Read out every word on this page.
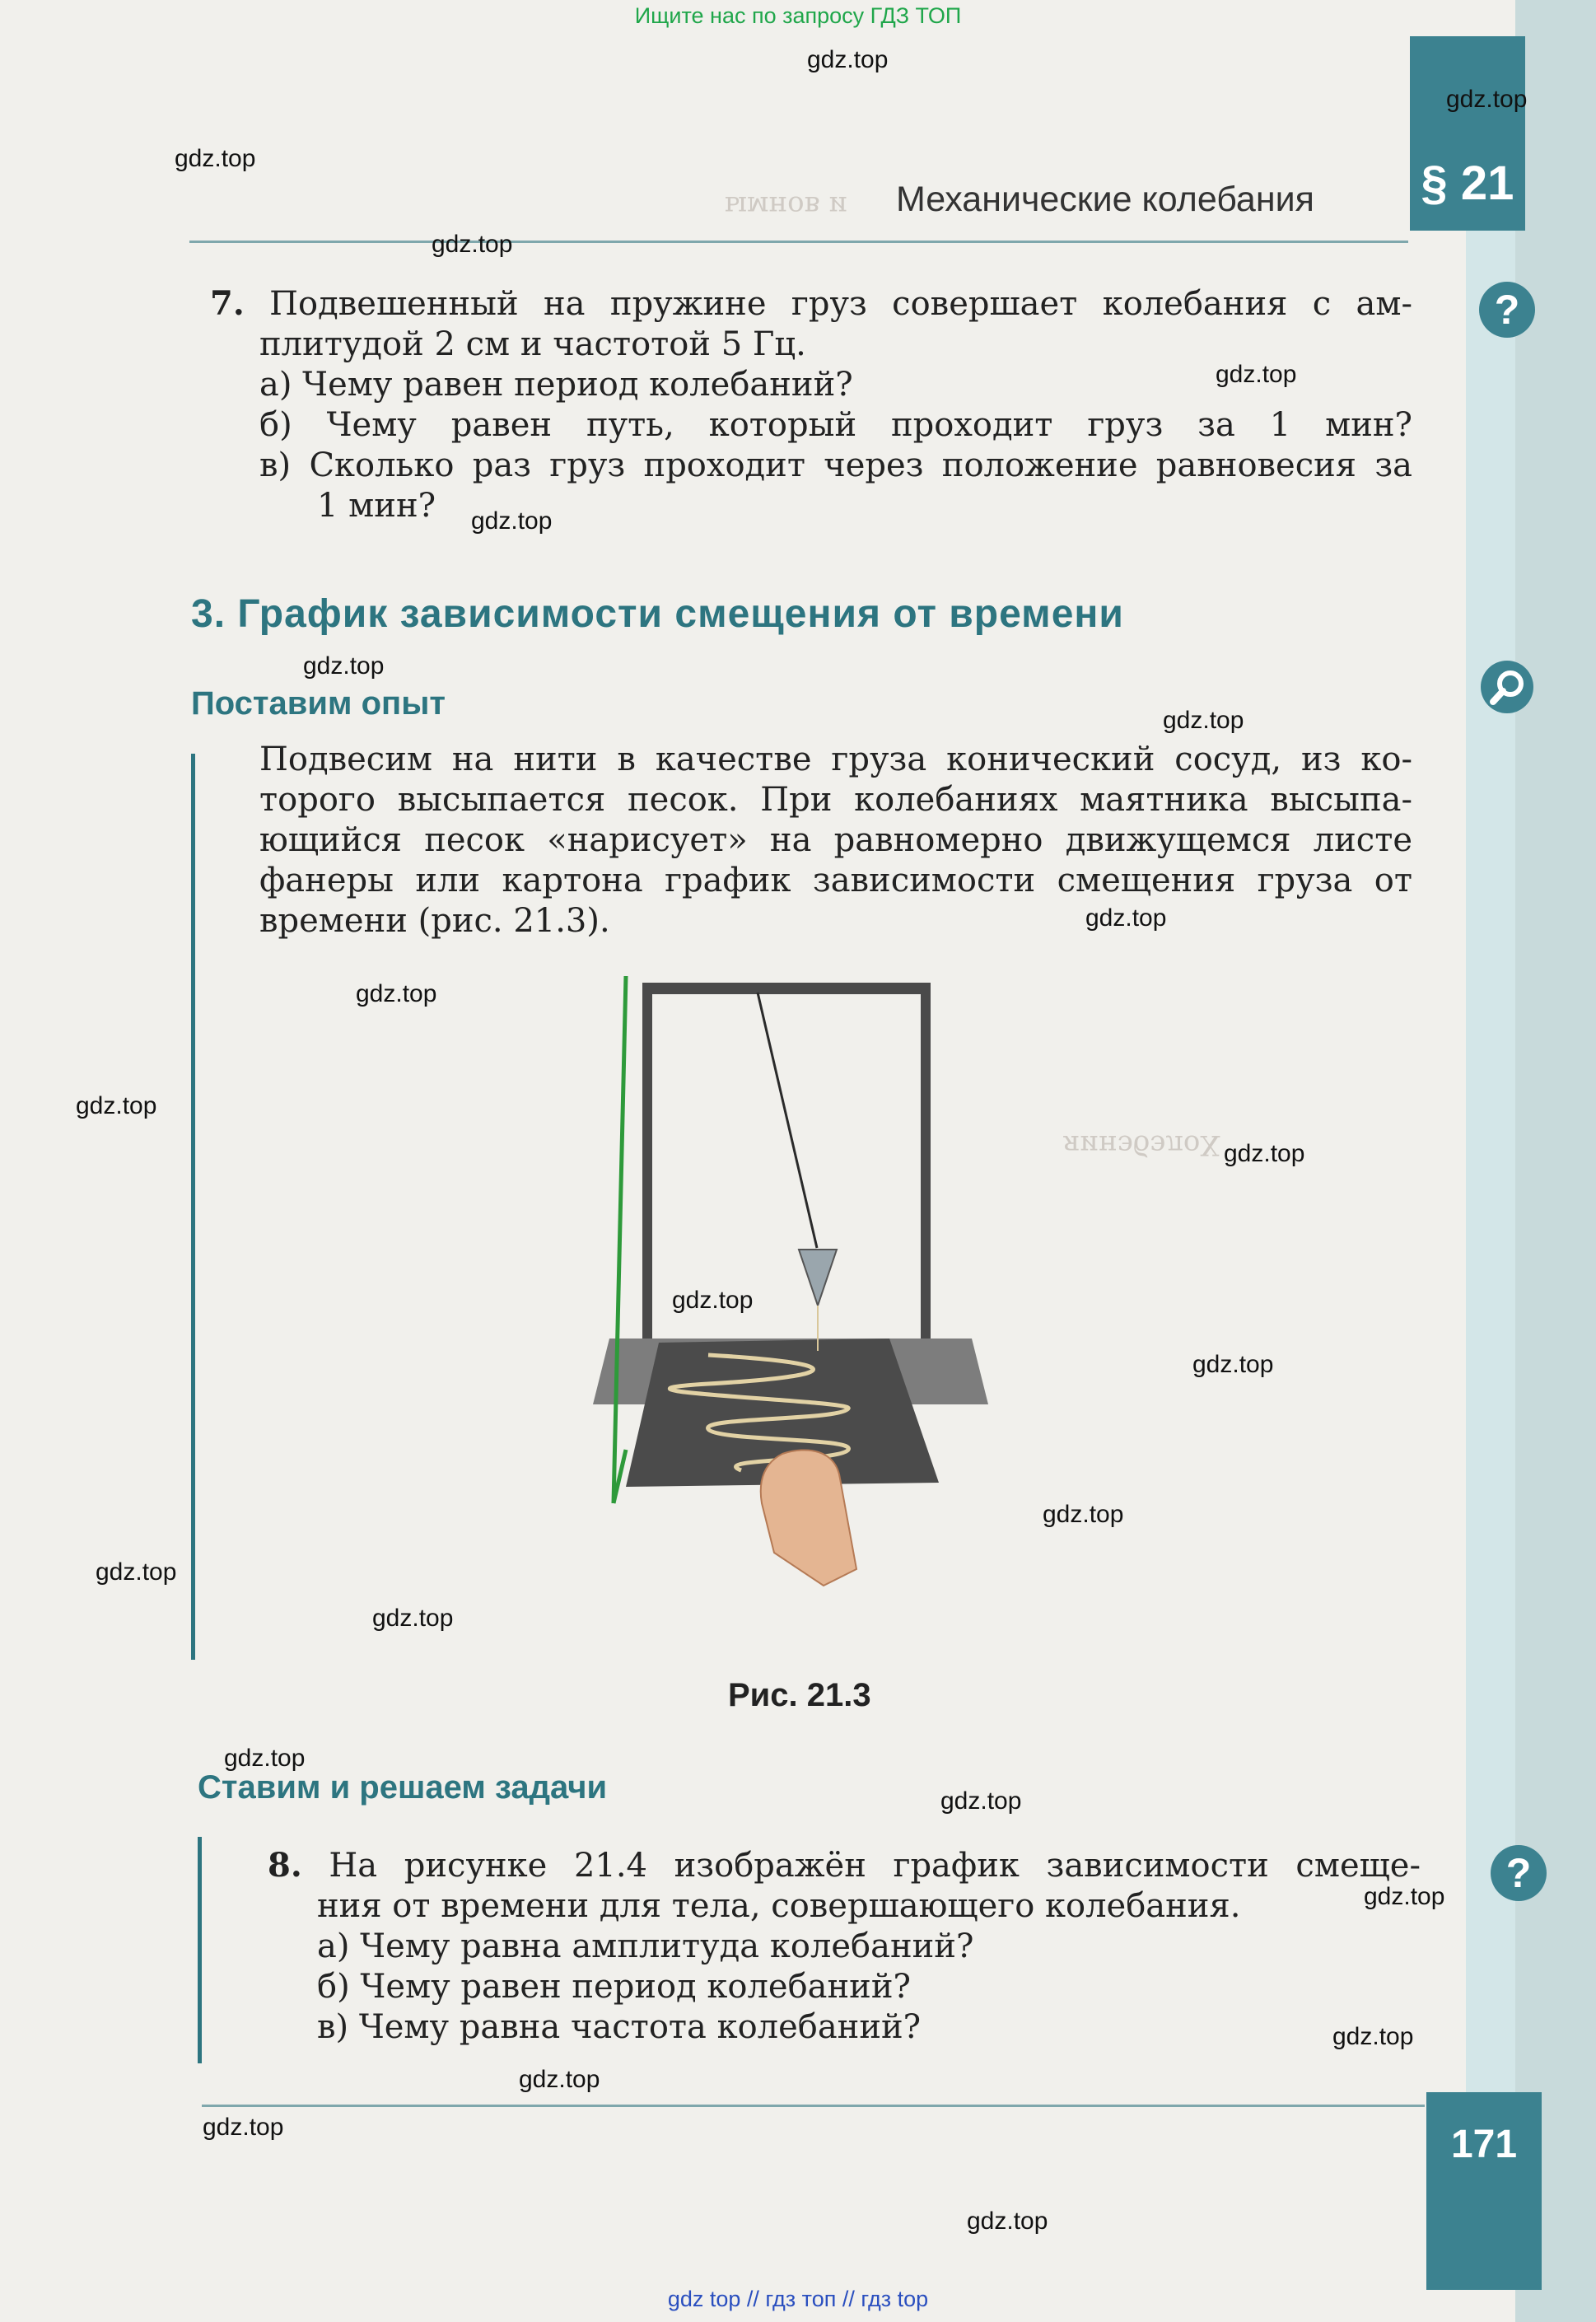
Ищите нас по запросу ГДЗ ТОП
§ 21
171
ымнов и
яинэбэлоХ
Механические колебания
?
?
7. Подвешенный на пружине груз совершает колебания с ам-
плитудой 2 см и частотой 5 Гц.
а) Чему равен период колебаний?
б) Чему равен путь, который проходит груз за 1 мин?
в) Сколько раз груз проходит через положение равновесия за
1 мин?
3. График зависимости смещения от времени
Поставим опыт
Подвесим на нити в качестве груза конический сосуд, из ко-
торого высыпается песок. При колебаниях маятника высыпа-
ющийся песок «нарисует» на равномерно движущемся листе
фанеры или картона график зависимости смещения груза от
времени (рис. 21.3).
Рис. 21.3
Ставим и решаем задачи
8. На рисунке 21.4 изображён график зависимости смеще-
ния от времени для тела, совершающего колебания.
а) Чему равна амплитуда колебаний?
б) Чему равен период колебаний?
в) Чему равна частота колебаний?
gdz.top
gdz.top
gdz.top
gdz.top
gdz.top
gdz.top
gdz.top
gdz.top
gdz.top
gdz.top
gdz.top
gdz.top
gdz.top
gdz.top
gdz.top
gdz.top
gdz.top
gdz.top
gdz.top
gdz.top
gdz.top
gdz.top
gdz.top
gdz.top
gdz top // гдз топ // гдз top
